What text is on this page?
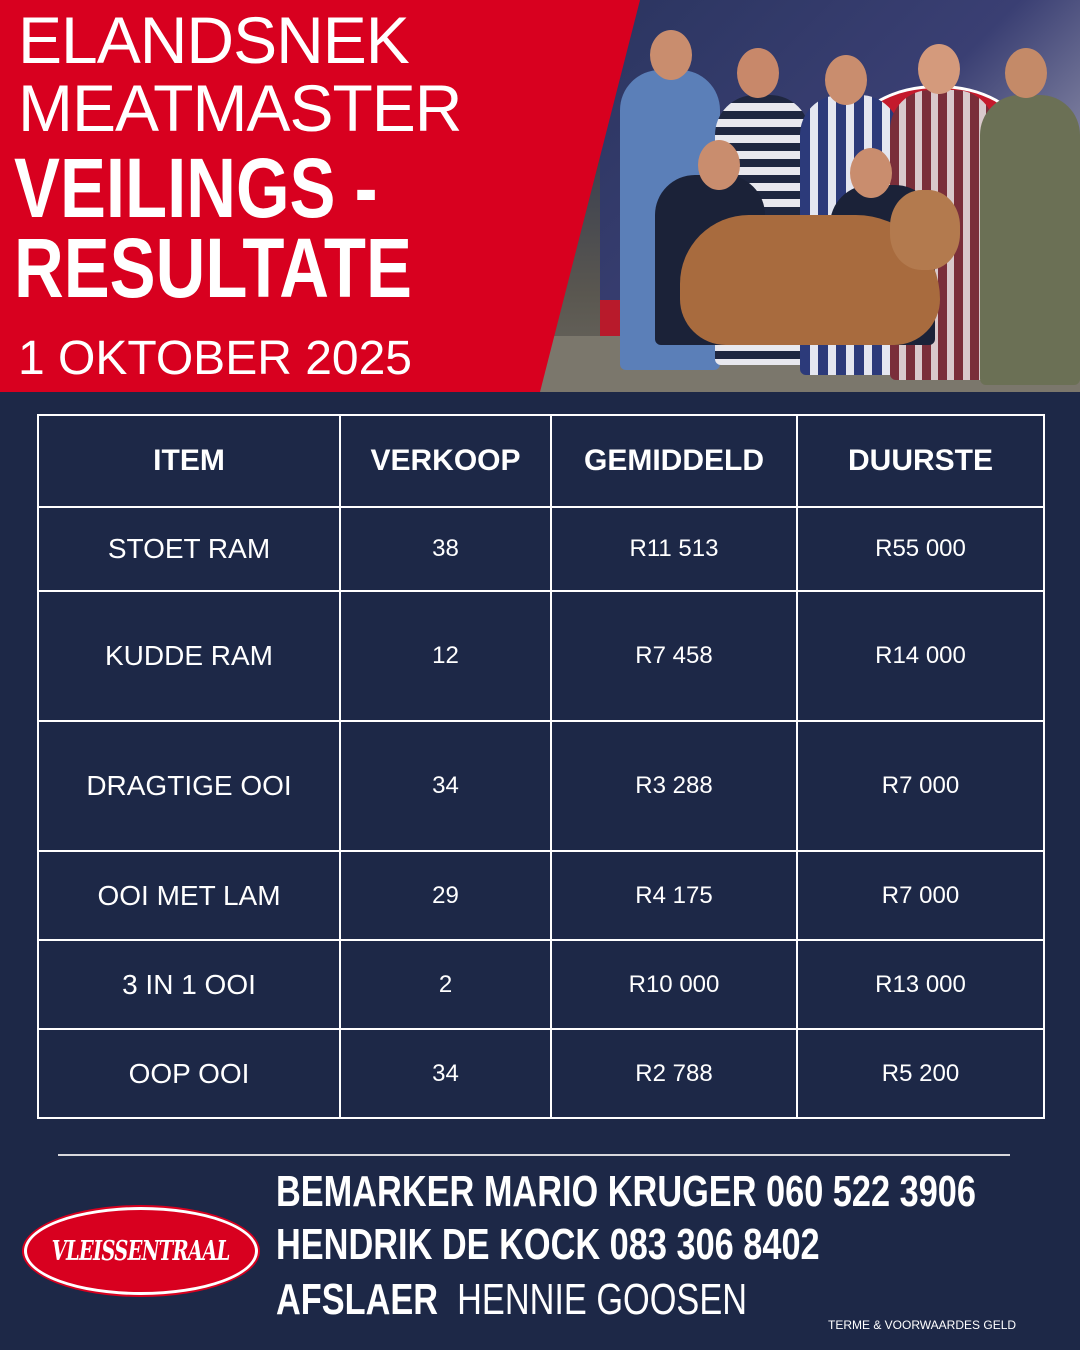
ELANDSNEK
MEATMASTER
VEILINGS -
RESULTATE
1 OKTOBER 2025
ITEM	VERKOOP	GEMIDDELD	DUURSTE
STOET RAM	38	R11 513	R55 000
KUDDE RAM	12	R7 458	R14 000
DRAGTIGE OOI	34	R3 288	R7 000
OOI MET LAM	29	R4 175	R7 000
3 IN 1 OOI	2	R10 000	R13 000
OOP OOI	34	R2 788	R5 200
VLEISSENTRAAL
BEMARKER MARIO KRUGER 060 522 3906
HENDRIK DE KOCK 083 306 8402
AFSLAER HENNIE GOOSEN
TERME & VOORWAARDES GELD
